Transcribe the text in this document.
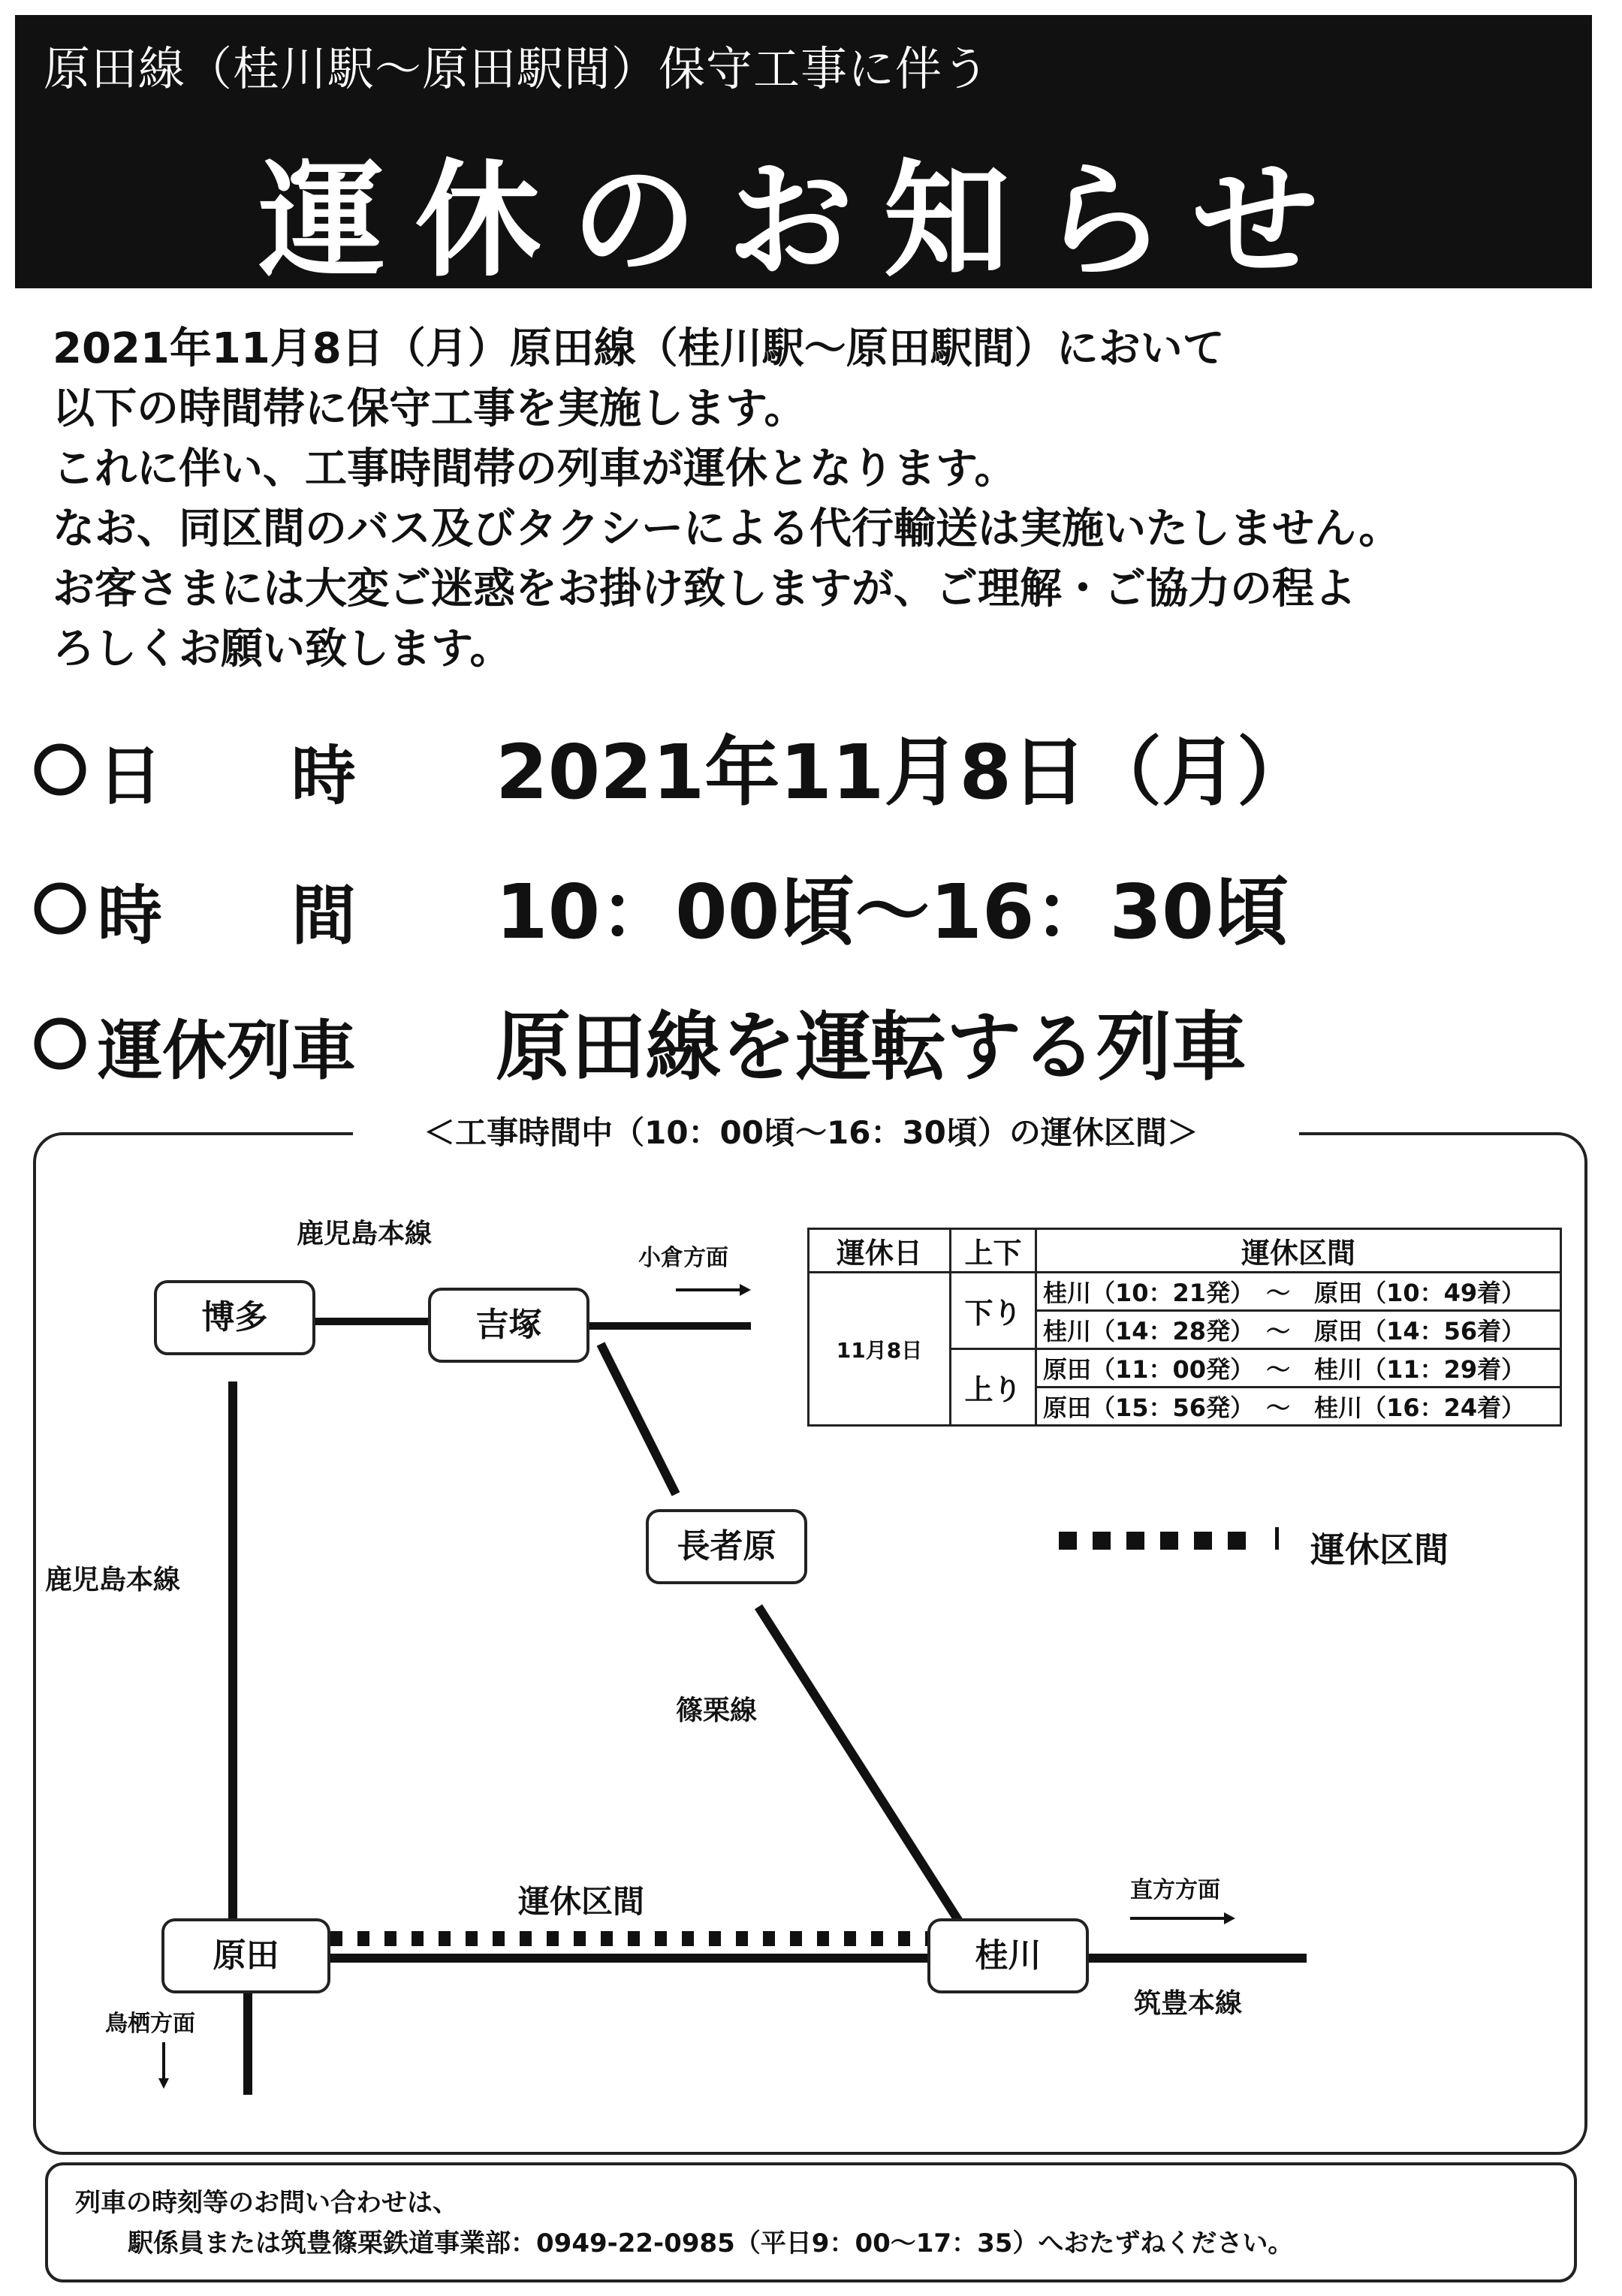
原田線（桂川駅～原田駅間）保守工事に伴う
運休のお知らせ
2021年11月8日（月）原田線（桂川駅～原田駅間）において
以下の時間帯に保守工事を実施します。
これに伴い、工事時間帯の列車が運休となります。
なお、同区間のバス及びタクシーによる代行輸送は実施いたしません。
お客さまには大変ご迷惑をお掛け致しますが、ご理解・ご協力の程よ
ろしくお願い致します。
日　　時 2021年11月8日（月）
時　　間 10：00頃～16：30頃
運休列車 原田線を運転する列車
＜工事時間中（10：00頃～16：30頃）の運休区間＞
博多	吉塚
長者原
原田	桂川
鹿児島本線
鹿児島本線
篠栗線
筑豊本線
運休区間
小倉方面
直方方面
鳥栖方面
運休区間
運休日	上下	運休区間
11月8日	下り	桂川（10：21発）　～　原田（10：49着）
		桂川（14：28発）　～　原田（14：56着）
	上り	原田（11：00発）　～　桂川（11：29着）
		原田（15：56発）　～　桂川（16：24着）
列車の時刻等のお問い合わせは、
駅係員または筑豊篠栗鉄道事業部：0949-22-0985（平日9：00～17：35）へおたずねください。
